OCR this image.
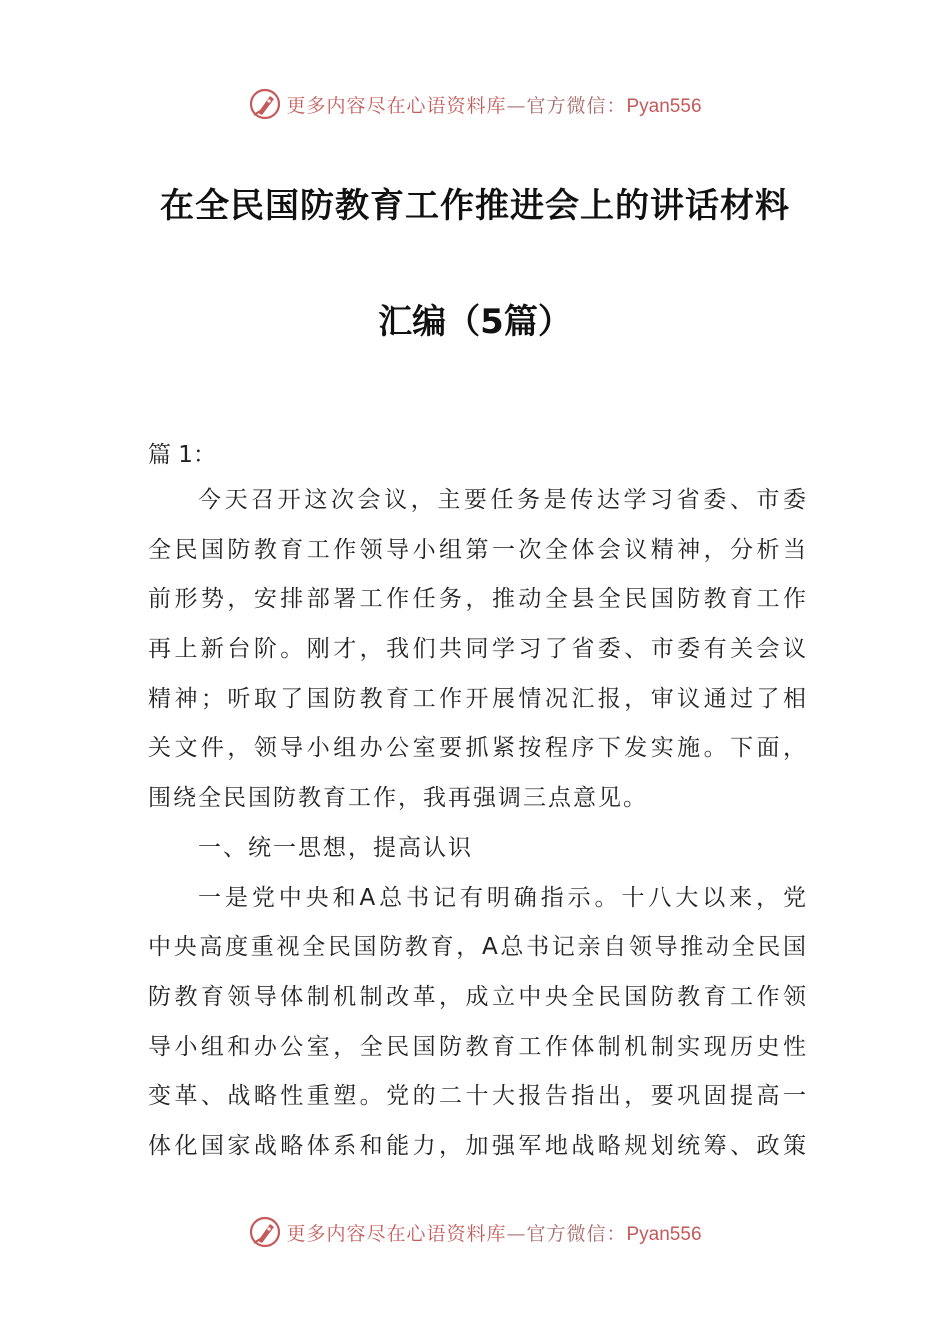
更多内容尽在心语资料库—官方微信：Pyan556
在全民国防教育工作推进会上的讲话材料
汇编（5篇）

篇 1：

今天召开这次会议，主要任务是传达学习省委、市委

全民国防教育工作领导小组第一次全体会议精神，分析当

前形势，安排部署工作任务，推动全县全民国防教育工作

再上新台阶。刚才，我们共同学习了省委、市委有关会议

精神；听取了国防教育工作开展情况汇报，审议通过了相

关文件，领导小组办公室要抓紧按程序下发实施。下面，

围绕全民国防教育工作，我再强调三点意见。

一、统一思想，提高认识

一是党中央和A总书记有明确指示。十八大以来，党

中央高度重视全民国防教育，A总书记亲自领导推动全民国

防教育领导体制机制改革，成立中央全民国防教育工作领

导小组和办公室，全民国防教育工作体制机制实现历史性

变革、战略性重塑。党的二十大报告指出，要巩固提高一

体化国家战略体系和能力，加强军地战略规划统筹、政策

更多内容尽在心语资料库—官方微信：Pyan556
